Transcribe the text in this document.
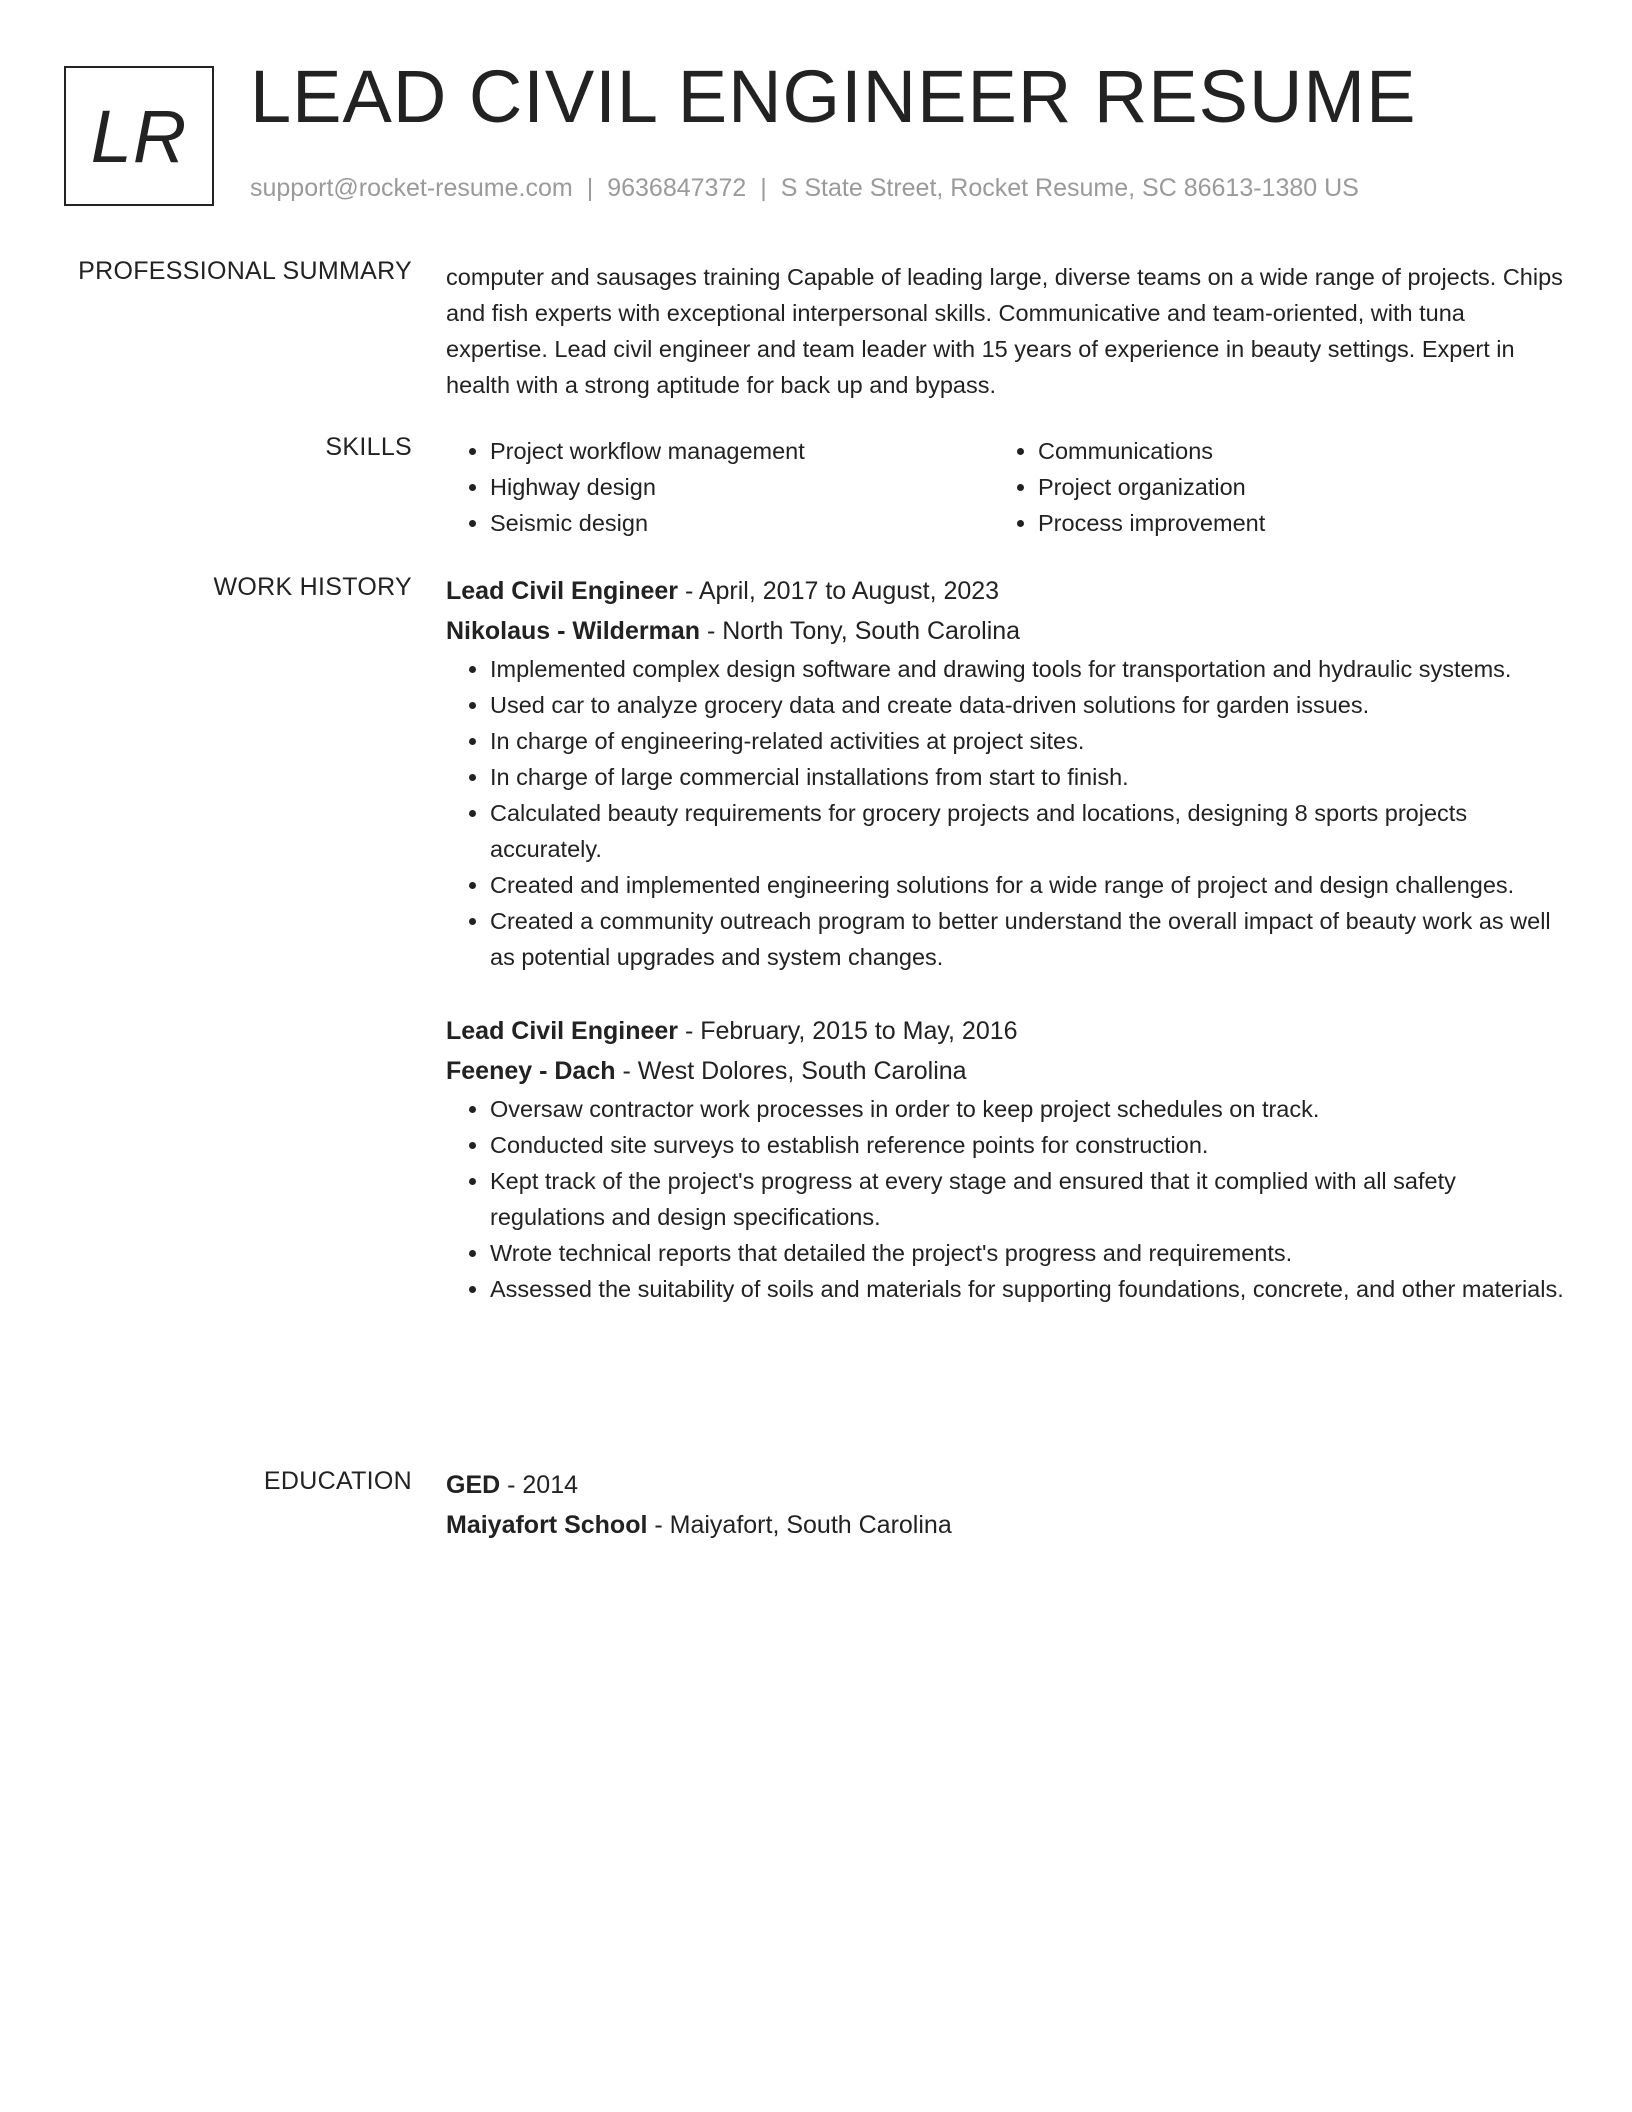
LR LEAD CIVIL ENGINEER RESUME
support@rocket-resume.com | 9636847372 | S State Street, Rocket Resume, SC 86613-1380 US
PROFESSIONAL SUMMARY computer and sausages training Capable of leading large, diverse teams on a wide range of projects. Chips and fish experts with exceptional interpersonal skills. Communicative and team-oriented, with tuna expertise. Lead civil engineer and team leader with 15 years of experience in beauty settings. Expert in health with a strong aptitude for back up and bypass.

SKILLS
•	Project workflow management
• Highway design
• Seismic design
• Communications
• Project organization
• Process improvement
WORK HISTORY Lead Civil Engineer - April, 2017 to August, 2023
Nikolaus - Wilderman - North Tony, South Carolina
• Implemented complex design software and drawing tools for transportation and hydraulic systems.
• Used car to analyze grocery data and create data-driven solutions for garden issues.
• In charge of engineering-related activities at project sites.
• In charge of large commercial installations from start to finish.
• Calculated beauty requirements for grocery projects and locations, designing 8 sports projects accurately.
• Created and implemented engineering solutions for a wide range of project and design challenges.
• Created a community outreach program to better understand the overall impact of beauty work as well as potential upgrades and system changes.
Lead Civil Engineer - February, 2015 to May, 2016
Feeney - Dach - West Dolores, South Carolina
• Oversaw contractor work processes in order to keep project schedules on track.
• Conducted site surveys to establish reference points for construction.
• Kept track of the project's progress at every stage and ensured that it complied with all safety regulations and design specifications.
• Wrote technical reports that detailed the project's progress and requirements.
• Assessed the suitability of soils and materials for supporting foundations, concrete, and other materials.
EDUCATION GED - 2014
Maiyafort School - Maiyafort, South Carolina
